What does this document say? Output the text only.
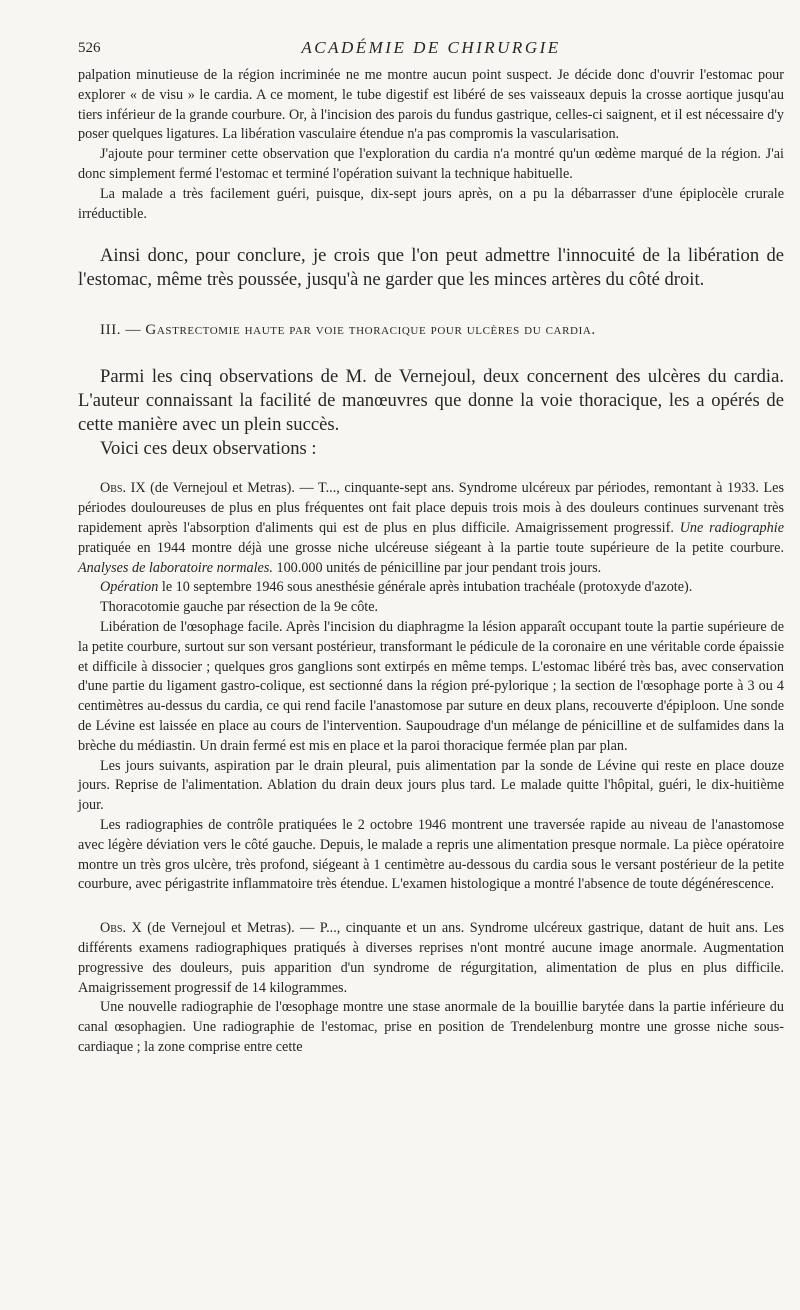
526	ACADÉMIE DE CHIRURGIE

palpation minutieuse de la région incriminée ne me montre aucun point suspect. Je décide donc d'ouvrir l'estomac pour explorer « de visu » le cardia. A ce moment, le tube digestif est libéré de ses vaisseaux depuis la crosse aortique jusqu'au tiers inférieur de la grande courbure. Or, à l'incision des parois du fundus gastrique, celles-ci saignent, et il est nécessaire d'y poser quelques ligatures. La libération vasculaire étendue n'a pas compromis la vascularisation.

J'ajoute pour terminer cette observation que l'exploration du cardia n'a montré qu'un œdème marqué de la région. J'ai donc simplement fermé l'estomac et terminé l'opération suivant la technique habituelle.

La malade a très facilement guéri, puisque, dix-sept jours après, on a pu la débarrasser d'une épiplocèle crurale irréductible.

Ainsi donc, pour conclure, je crois que l'on peut admettre l'innocuité de la libération de l'estomac, même très poussée, jusqu'à ne garder que les minces artères du côté droit.

III. — Gastrectomie haute par voie thoracique pour ulcères du cardia.

Parmi les cinq observations de M. de Vernejoul, deux concernent des ulcères du cardia. L'auteur connaissant la facilité de manœuvres que donne la voie thoracique, les a opérés de cette manière avec un plein succès.

Voici ces deux observations :

Obs. IX (de Vernejoul et Metras). — T..., cinquante-sept ans. Syndrome ulcéreux par périodes, remontant à 1933. Les périodes douloureuses de plus en plus fréquentes ont fait place depuis trois mois à des douleurs continues survenant très rapidement après l'absorption d'aliments qui est de plus en plus difficile. Amaigrissement progressif. Une radiographie pratiquée en 1944 montre déjà une grosse niche ulcéreuse siégeant à la partie toute supérieure de la petite courbure. Analyses de laboratoire normales. 100.000 unités de pénicilline par jour pendant trois jours.

Opération le 10 septembre 1946 sous anesthésie générale après intubation trachéale (protoxyde d'azote).

Thoracotomie gauche par résection de la 9e côte.

Libération de l'œsophage facile. Après l'incision du diaphragme la lésion apparaît occupant toute la partie supérieure de la petite courbure, surtout sur son versant postérieur, transformant le pédicule de la coronaire en une véritable corde épaissie et difficile à dissocier ; quelques gros ganglions sont extirpés en même temps. L'estomac libéré très bas, avec conservation d'une partie du ligament gastro-colique, est sectionné dans la région pré-pylorique ; la section de l'œsophage porte à 3 ou 4 centimètres au-dessus du cardia, ce qui rend facile l'anastomose par suture en deux plans, recouverte d'épiploon. Une sonde de Lévine est laissée en place au cours de l'intervention. Saupoudrage d'un mélange de pénicilline et de sulfamides dans la brèche du médiastin. Un drain fermé est mis en place et la paroi thoracique fermée plan par plan.

Les jours suivants, aspiration par le drain pleural, puis alimentation par la sonde de Lévine qui reste en place douze jours. Reprise de l'alimentation. Ablation du drain deux jours plus tard. Le malade quitte l'hôpital, guéri, le dix-huitième jour.

Les radiographies de contrôle pratiquées le 2 octobre 1946 montrent une traversée rapide au niveau de l'anastomose avec légère déviation vers le côté gauche. Depuis, le malade a repris une alimentation presque normale. La pièce opératoire montre un très gros ulcère, très profond, siégeant à 1 centimètre au-dessous du cardia sous le versant postérieur de la petite courbure, avec périgastrite inflammatoire très étendue. L'examen histologique a montré l'absence de toute dégénérescence.

Obs. X (de Vernejoul et Metras). — P..., cinquante et un ans. Syndrome ulcéreux gastrique, datant de huit ans. Les différents examens radiographiques pratiqués à diverses reprises n'ont montré aucune image anormale. Augmentation progressive des douleurs, puis apparition d'un syndrome de régurgitation, alimentation de plus en plus difficile. Amaigrissement progressif de 14 kilogrammes.

Une nouvelle radiographie de l'œsophage montre une stase anormale de la bouillie barytée dans la partie inférieure du canal œsophagien. Une radiographie de l'estomac, prise en position de Trendelenburg montre une grosse niche sous-cardiaque ; la zone comprise entre cette
